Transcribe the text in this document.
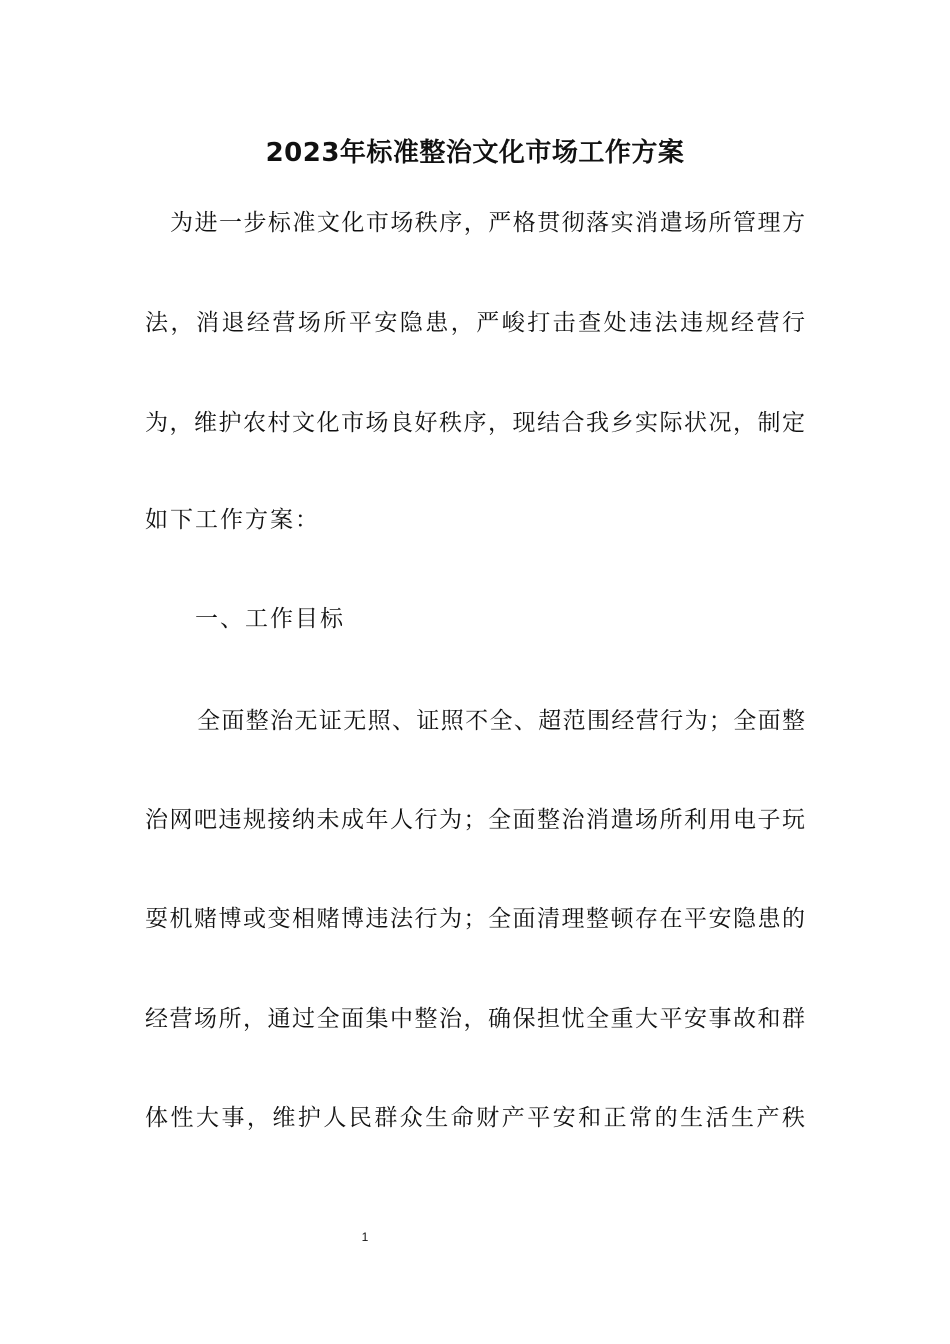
2023年标准整治文化市场工作方案
为进一步标准文化市场秩序，严格贯彻落实消遣场所管理方
法，消退经营场所平安隐患，严峻打击查处违法违规经营行
为，维护农村文化市场良好秩序，现结合我乡实际状况，制定
如下工作方案：
一、工作目标
全面整治无证无照、证照不全、超范围经营行为；全面整
治网吧违规接纳未成年人行为；全面整治消遣场所利用电子玩
耍机赌博或变相赌博违法行为；全面清理整顿存在平安隐患的
经营场所，通过全面集中整治，确保担忧全重大平安事故和群
体性大事，维护人民群众生命财产平安和正常的生活生产秩
1
